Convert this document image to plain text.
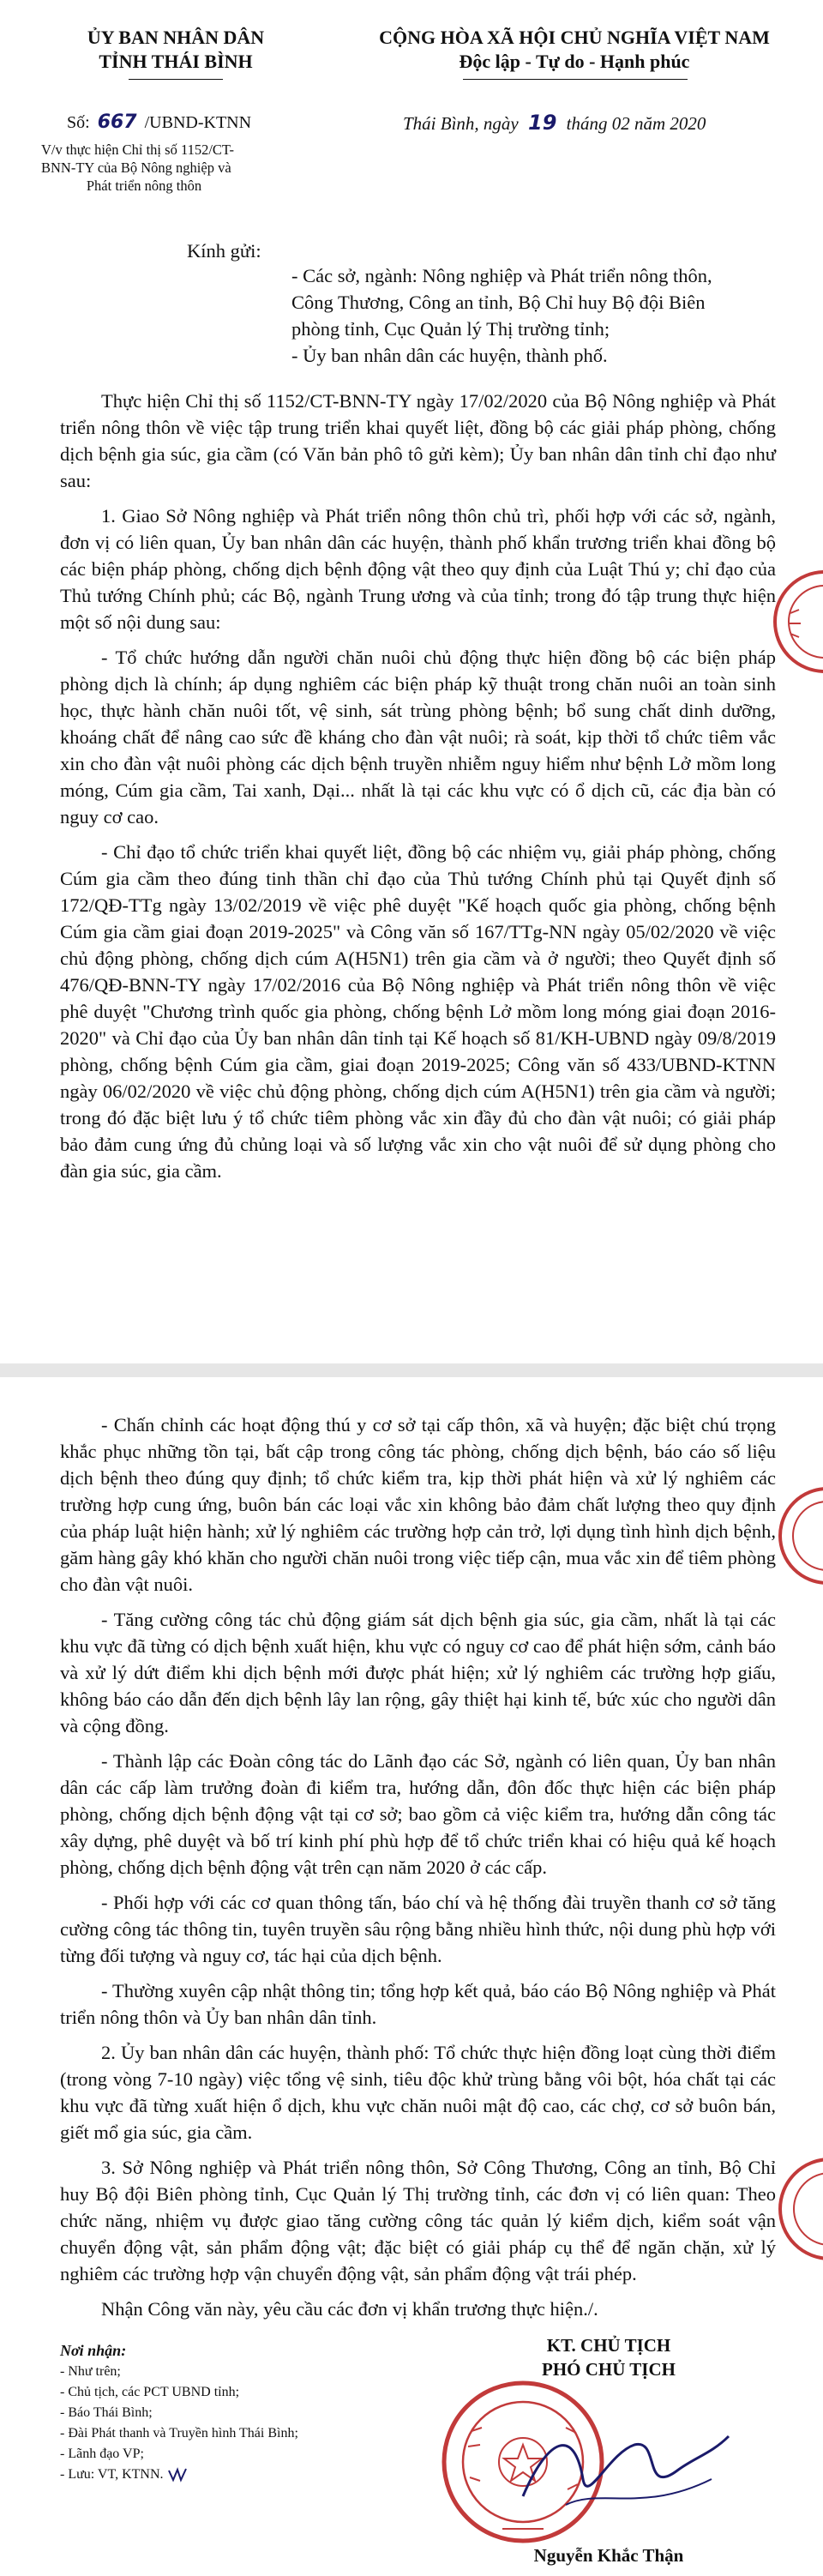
ỦY BAN NHÂN DÂN
TỈNH THÁI BÌNH
Số: 667 /UBND-KTNN
V/v thực hiện Chỉ thị số 1152/CT-
BNN-TY của Bộ Nông nghiệp và
Phát triển nông thôn
CỘNG HÒA XÃ HỘI CHỦ NGHĨA VIỆT NAM
Độc lập - Tự do - Hạnh phúc
Thái Bình, ngày 19 tháng 02 năm 2020
Kính gửi:
- Các sở, ngành: Nông nghiệp và Phát triển nông thôn,
Công Thương, Công an tỉnh, Bộ Chỉ huy Bộ đội Biên
phòng tỉnh, Cục Quản lý Thị trường tỉnh;
- Ủy ban nhân dân các huyện, thành phố.

Thực hiện Chỉ thị số 1152/CT-BNN-TY ngày 17/02/2020 của Bộ Nông nghiệp và Phát triển nông thôn về việc tập trung triển khai quyết liệt, đồng bộ các giải pháp phòng, chống dịch bệnh gia súc, gia cầm (có Văn bản phô tô gửi kèm); Ủy ban nhân dân tỉnh chỉ đạo như sau:

1. Giao Sở Nông nghiệp và Phát triển nông thôn chủ trì, phối hợp với các sở, ngành, đơn vị có liên quan, Ủy ban nhân dân các huyện, thành phố khẩn trương triển khai đồng bộ các biện pháp phòng, chống dịch bệnh động vật theo quy định của Luật Thú y; chỉ đạo của Thủ tướng Chính phủ; các Bộ, ngành Trung ương và của tỉnh; trong đó tập trung thực hiện một số nội dung sau:

- Tổ chức hướng dẫn người chăn nuôi chủ động thực hiện đồng bộ các biện pháp phòng dịch là chính; áp dụng nghiêm các biện pháp kỹ thuật trong chăn nuôi an toàn sinh học, thực hành chăn nuôi tốt, vệ sinh, sát trùng phòng bệnh; bổ sung chất dinh dưỡng, khoáng chất để nâng cao sức đề kháng cho đàn vật nuôi; rà soát, kịp thời tổ chức tiêm vắc xin cho đàn vật nuôi phòng các dịch bệnh truyền nhiễm nguy hiểm như bệnh Lở mồm long móng, Cúm gia cầm, Tai xanh, Dại... nhất là tại các khu vực có ổ dịch cũ, các địa bàn có nguy cơ cao.

- Chỉ đạo tổ chức triển khai quyết liệt, đồng bộ các nhiệm vụ, giải pháp phòng, chống Cúm gia cầm theo đúng tinh thần chỉ đạo của Thủ tướng Chính phủ tại Quyết định số 172/QĐ-TTg ngày 13/02/2019 về việc phê duyệt "Kế hoạch quốc gia phòng, chống bệnh Cúm gia cầm giai đoạn 2019-2025" và Công văn số 167/TTg-NN ngày 05/02/2020 về việc chủ động phòng, chống dịch cúm A(H5N1) trên gia cầm và ở người; theo Quyết định số 476/QĐ-BNN-TY ngày 17/02/2016 của Bộ Nông nghiệp và Phát triển nông thôn về việc phê duyệt "Chương trình quốc gia phòng, chống bệnh Lở mồm long móng giai đoạn 2016-2020" và Chỉ đạo của Ủy ban nhân dân tỉnh tại Kế hoạch số 81/KH-UBND ngày 09/8/2019 phòng, chống bệnh Cúm gia cầm, giai đoạn 2019-2025; Công văn số 433/UBND-KTNN ngày 06/02/2020 về việc chủ động phòng, chống dịch cúm A(H5N1) trên gia cầm và người; trong đó đặc biệt lưu ý tổ chức tiêm phòng vắc xin đầy đủ cho đàn vật nuôi; có giải pháp bảo đảm cung ứng đủ chủng loại và số lượng vắc xin cho vật nuôi để sử dụng phòng cho đàn gia súc, gia cầm.

- Chấn chỉnh các hoạt động thú y cơ sở tại cấp thôn, xã và huyện; đặc biệt chú trọng khắc phục những tồn tại, bất cập trong công tác phòng, chống dịch bệnh, báo cáo số liệu dịch bệnh theo đúng quy định; tổ chức kiểm tra, kịp thời phát hiện và xử lý nghiêm các trường hợp cung ứng, buôn bán các loại vắc xin không bảo đảm chất lượng theo quy định của pháp luật hiện hành; xử lý nghiêm các trường hợp cản trở, lợi dụng tình hình dịch bệnh, găm hàng gây khó khăn cho người chăn nuôi trong việc tiếp cận, mua vắc xin để tiêm phòng cho đàn vật nuôi.

- Tăng cường công tác chủ động giám sát dịch bệnh gia súc, gia cầm, nhất là tại các khu vực đã từng có dịch bệnh xuất hiện, khu vực có nguy cơ cao để phát hiện sớm, cảnh báo và xử lý dứt điểm khi dịch bệnh mới được phát hiện; xử lý nghiêm các trường hợp giấu, không báo cáo dẫn đến dịch bệnh lây lan rộng, gây thiệt hại kinh tế, bức xúc cho người dân và cộng đồng.

- Thành lập các Đoàn công tác do Lãnh đạo các Sở, ngành có liên quan, Ủy ban nhân dân các cấp làm trưởng đoàn đi kiểm tra, hướng dẫn, đôn đốc thực hiện các biện pháp phòng, chống dịch bệnh động vật tại cơ sở; bao gồm cả việc kiểm tra, hướng dẫn công tác xây dựng, phê duyệt và bố trí kinh phí phù hợp để tổ chức triển khai có hiệu quả kế hoạch phòng, chống dịch bệnh động vật trên cạn năm 2020 ở các cấp.

- Phối hợp với các cơ quan thông tấn, báo chí và hệ thống đài truyền thanh cơ sở tăng cường công tác thông tin, tuyên truyền sâu rộng bằng nhiều hình thức, nội dung phù hợp với từng đối tượng và nguy cơ, tác hại của dịch bệnh.

- Thường xuyên cập nhật thông tin; tổng hợp kết quả, báo cáo Bộ Nông nghiệp và Phát triển nông thôn và Ủy ban nhân dân tỉnh.

2. Ủy ban nhân dân các huyện, thành phố: Tổ chức thực hiện đồng loạt cùng thời điểm (trong vòng 7-10 ngày) việc tổng vệ sinh, tiêu độc khử trùng bằng vôi bột, hóa chất tại các khu vực đã từng xuất hiện ổ dịch, khu vực chăn nuôi mật độ cao, các chợ, cơ sở buôn bán, giết mổ gia súc, gia cầm.

3. Sở Nông nghiệp và Phát triển nông thôn, Sở Công Thương, Công an tỉnh, Bộ Chỉ huy Bộ đội Biên phòng tỉnh, Cục Quản lý Thị trường tỉnh, các đơn vị có liên quan: Theo chức năng, nhiệm vụ được giao tăng cường công tác quản lý kiểm dịch, kiểm soát vận chuyển động vật, sản phẩm động vật; đặc biệt có giải pháp cụ thể để ngăn chặn, xử lý nghiêm các trường hợp vận chuyển động vật, sản phẩm động vật trái phép.

Nhận Công văn này, yêu cầu các đơn vị khẩn trương thực hiện./.

Nơi nhận:
- Như trên;
- Chủ tịch, các PCT UBND tỉnh;
- Báo Thái Bình;
- Đài Phát thanh và Truyền hình Thái Bình;
- Lãnh đạo VP;
- Lưu: VT, KTNN.
KT. CHỦ TỊCH
PHÓ CHỦ TỊCH
Nguyễn Khắc Thận
